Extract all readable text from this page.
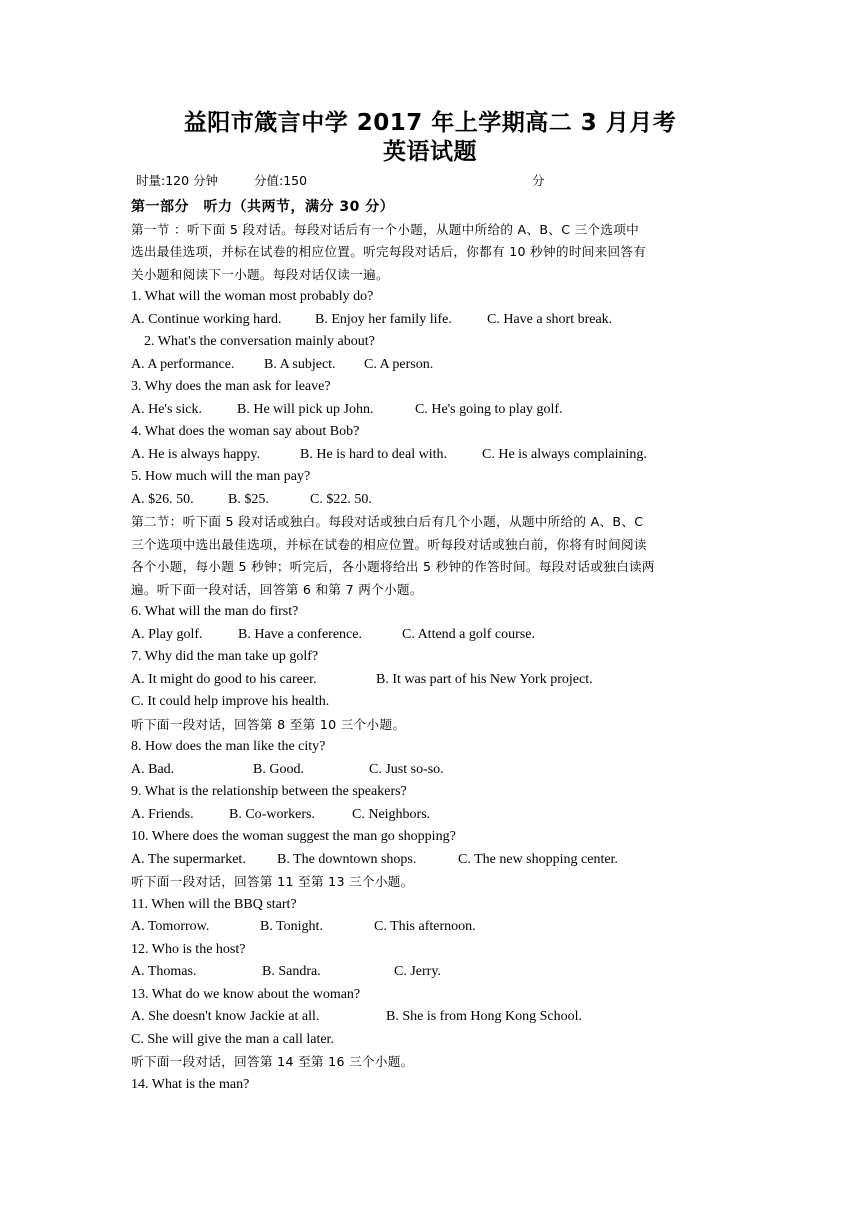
益阳市箴言中学 2017 年上学期高二 3 月月考
英语试题
时量:120 分钟	分值:150	分

第一部分　听力（共两节，满分 30 分）

第一节 ：听下面 5 段对话。每段对话后有一个小题，从题中所给的 A、B、C 三个选项中

选出最佳选项，并标在试卷的相应位置。听完每段对话后，你都有 10 秒钟的时间来回答有

关小题和阅读下一小题。每段对话仅读一遍。

1. What will the woman most probably do?

A. Continue working hard.	B. Enjoy her family life.	C. Have a short break.

2. What's the conversation mainly about?

A. A performance.	B. A subject.	C. A person.

3. Why does the man ask for leave?

A. He's sick.	B. He will pick up John.	C. He's going to play golf.

4. What does the woman say about Bob?

A. He is always happy.	B. He is hard to deal with.	C. He is always complaining.

5. How much will the man pay?

A. $26. 50.	B. $25.	C. $22. 50.

第二节：听下面 5 段对话或独白。每段对话或独白后有几个小题，从题中所给的 A、B、C

三个选项中选出最佳选项，并标在试卷的相应位置。听每段对话或独白前，你将有时间阅读

各个小题，每小题 5 秒钟；听完后，各小题将给出 5 秒钟的作答时间。每段对话或独白读两

遍。听下面一段对话，回答第 6 和第 7 两个小题。

6. What will the man do first?

A. Play golf.	B. Have a conference.	C. Attend a golf course.

7. Why did the man take up golf?

A. It might do good to his career.	B. It was part of his New York project.

C. It could help improve his health.

听下面一段对话，回答第 8 至第 10 三个小题。

8. How does the man like the city?

A. Bad.	B. Good.	C. Just so-so.

9. What is the relationship between the speakers?

A. Friends.	B. Co-workers.	C. Neighbors.

10. Where does the woman suggest the man go shopping?

A. The supermarket.	B. The downtown shops.	C. The new shopping center.

听下面一段对话，回答第 11 至第 13 三个小题。

11. When will the BBQ start?

A. Tomorrow.	B. Tonight.	C. This afternoon.

12. Who is the host?

A. Thomas.	B. Sandra.	C. Jerry.

13. What do we know about the woman?

A. She doesn't know Jackie at all.	B. She is from Hong Kong School.

C. She will give the man a call later.

听下面一段对话，回答第 14 至第 16 三个小题。

14. What is the man?
